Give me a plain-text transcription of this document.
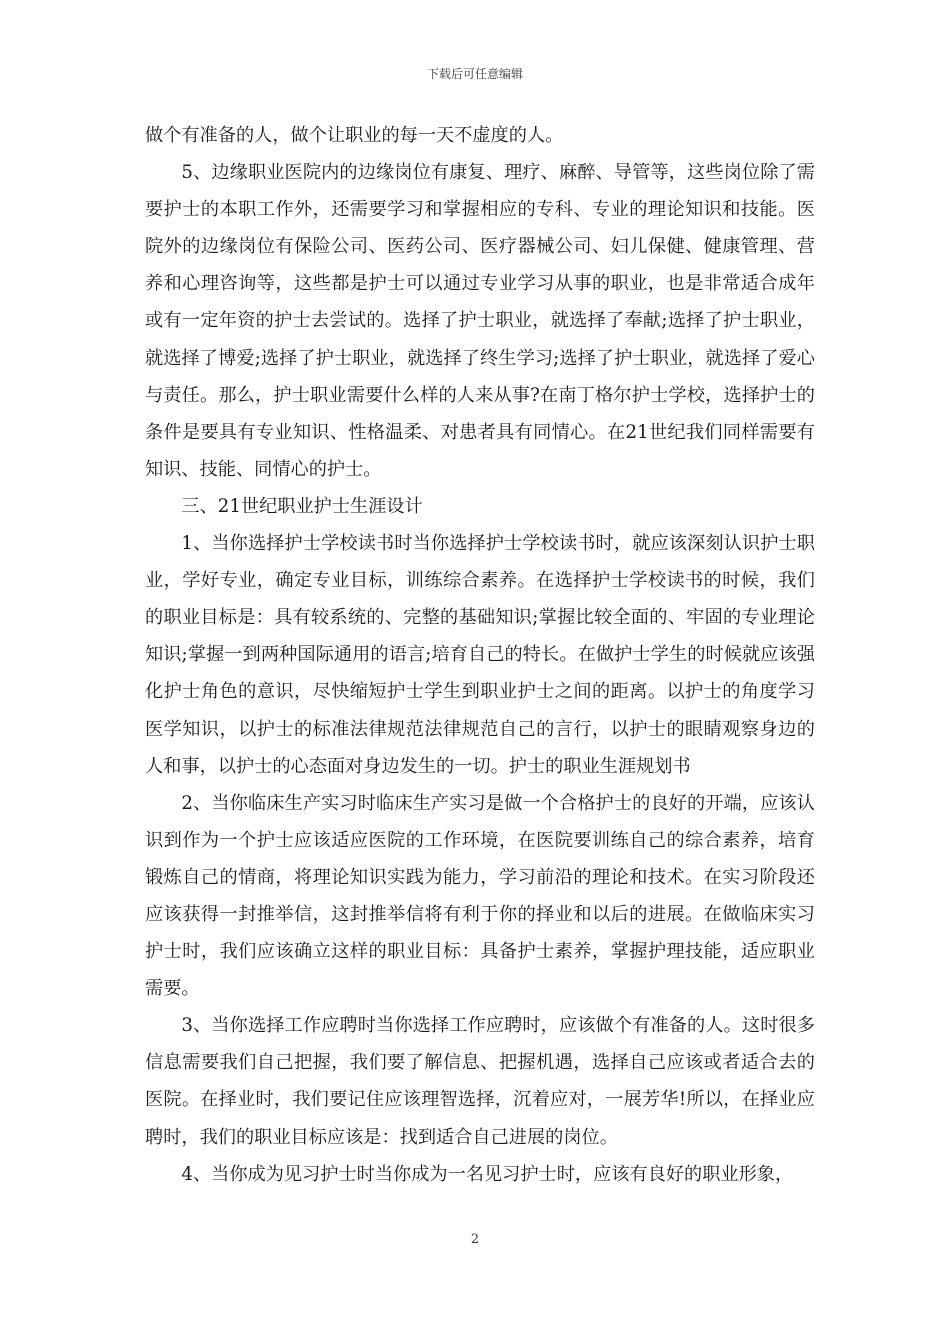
下载后可任意编辑

做个有准备的人，做个让职业的每一天不虚度的人。

5、边缘职业医院内的边缘岗位有康复、理疗、麻醉、导管等，这些岗位除了需要护士的本职工作外，还需要学习和掌握相应的专科、专业的理论知识和技能。医院外的边缘岗位有保险公司、医药公司、医疗器械公司、妇儿保健、健康管理、营养和心理咨询等，这些都是护士可以通过专业学习从事的职业，也是非常适合成年或有一定年资的护士去尝试的。选择了护士职业，就选择了奉献;选择了护士职业，就选择了博爱;选择了护士职业，就选择了终生学习;选择了护士职业，就选择了爱心与责任。那么，护士职业需要什么样的人来从事?在南丁格尔护士学校，选择护士的条件是要具有专业知识、性格温柔、对患者具有同情心。在21世纪我们同样需要有知识、技能、同情心的护士。

三、21世纪职业护士生涯设计

1、当你选择护士学校读书时当你选择护士学校读书时，就应该深刻认识护士职业，学好专业，确定专业目标，训练综合素养。在选择护士学校读书的时候，我们的职业目标是：具有较系统的、完整的基础知识;掌握比较全面的、牢固的专业理论知识;掌握一到两种国际通用的语言;培育自己的特长。在做护士学生的时候就应该强化护士角色的意识，尽快缩短护士学生到职业护士之间的距离。以护士的角度学习医学知识，以护士的标准法律规范法律规范自己的言行，以护士的眼睛观察身边的人和事，以护士的心态面对身边发生的一切。护士的职业生涯规划书

2、当你临床生产实习时临床生产实习是做一个合格护士的良好的开端，应该认识到作为一个护士应该适应医院的工作环境，在医院要训练自己的综合素养，培育锻炼自己的情商，将理论知识实践为能力，学习前沿的理论和技术。在实习阶段还应该获得一封推举信，这封推举信将有利于你的择业和以后的进展。在做临床实习护士时，我们应该确立这样的职业目标：具备护士素养，掌握护理技能，适应职业需要。

3、当你选择工作应聘时当你选择工作应聘时，应该做个有准备的人。这时很多信息需要我们自己把握，我们要了解信息、把握机遇，选择自己应该或者适合去的医院。在择业时，我们要记住应该理智选择，沉着应对，一展芳华!所以，在择业应聘时，我们的职业目标应该是：找到适合自己进展的岗位。

4、当你成为见习护士时当你成为一名见习护士时，应该有良好的职业形象，

2
